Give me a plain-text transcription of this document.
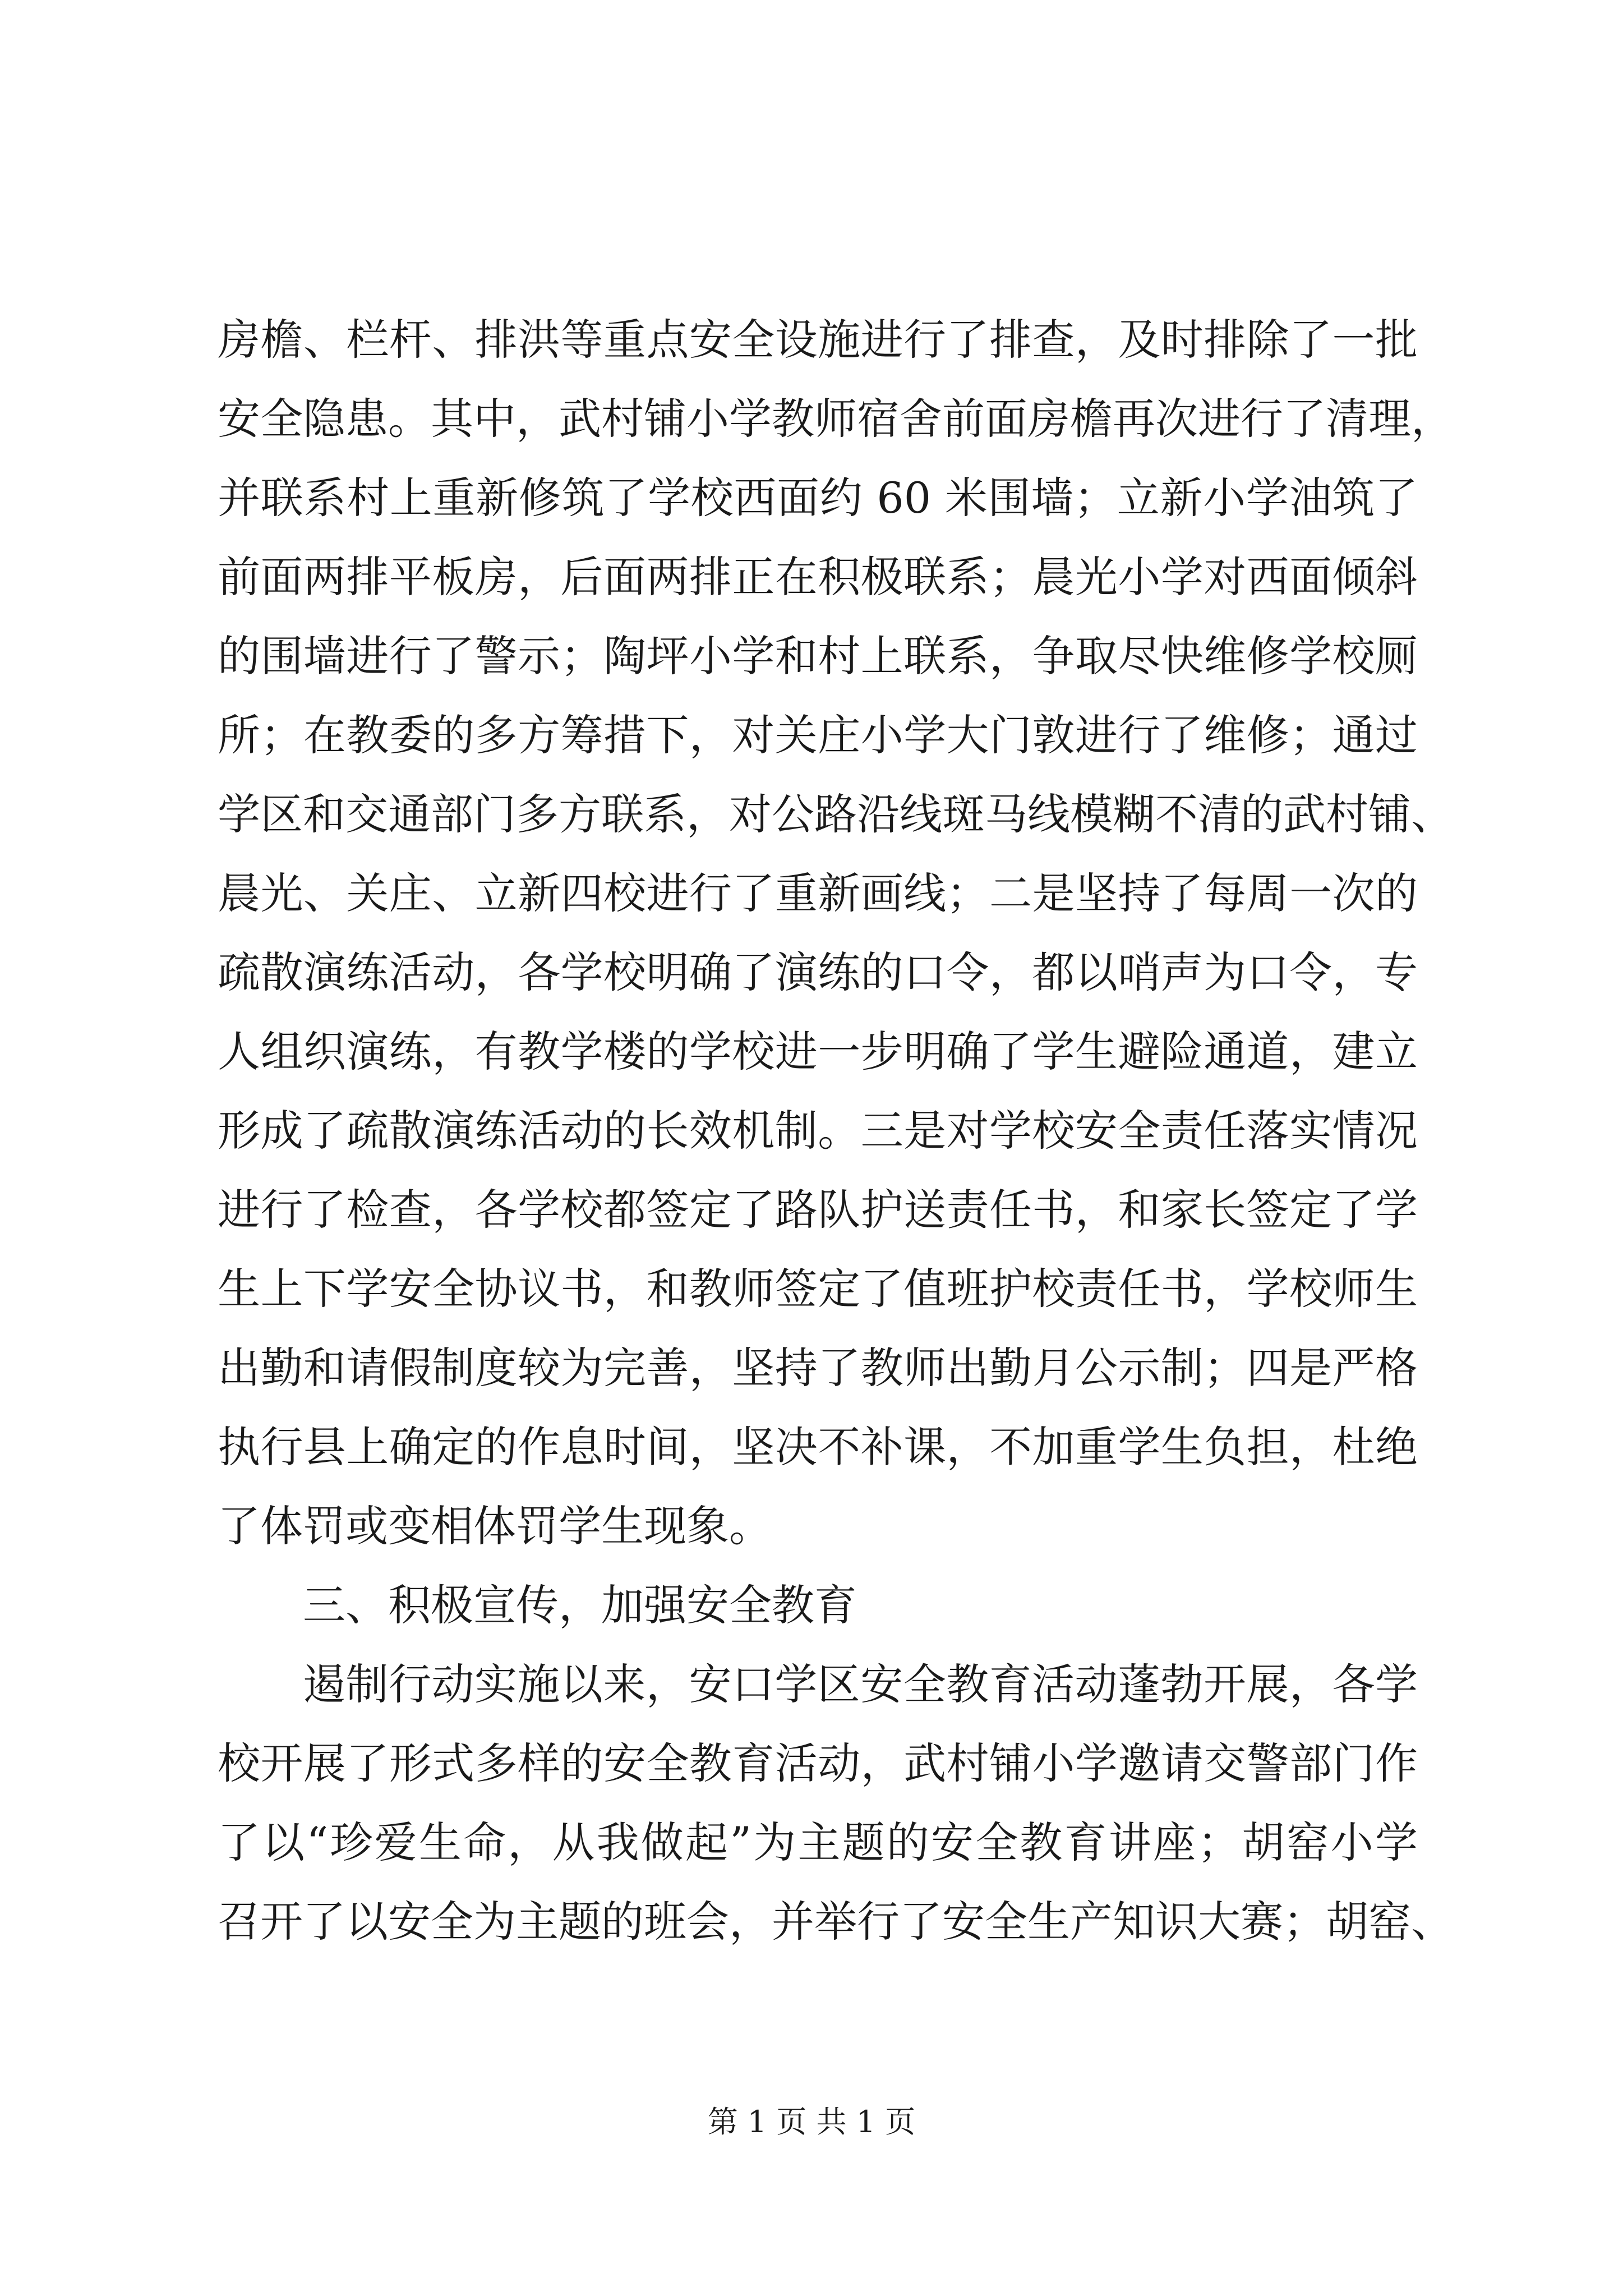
房檐、栏杆、排洪等重点安全设施进行了排查，及时排除了一批
安全隐患。其中，武村铺小学教师宿舍前面房檐再次进行了清理，
并联系村上重新修筑了学校西面约 60 米围墙；立新小学油筑了
前面两排平板房，后面两排正在积极联系；晨光小学对西面倾斜
的围墙进行了警示；陶坪小学和村上联系，争取尽快维修学校厕
所；在教委的多方筹措下，对关庄小学大门敦进行了维修；通过
学区和交通部门多方联系，对公路沿线斑马线模糊不清的武村铺、
晨光、关庄、立新四校进行了重新画线；二是坚持了每周一次的
疏散演练活动，各学校明确了演练的口令，都以哨声为口令，专
人组织演练，有教学楼的学校进一步明确了学生避险通道，建立
形成了疏散演练活动的长效机制。三是对学校安全责任落实情况
进行了检查，各学校都签定了路队护送责任书，和家长签定了学
生上下学安全协议书，和教师签定了值班护校责任书，学校师生
出勤和请假制度较为完善，坚持了教师出勤月公示制；四是严格
执行县上确定的作息时间，坚决不补课，不加重学生负担，杜绝
了体罚或变相体罚学生现象。
三、积极宣传，加强安全教育
遏制行动实施以来，安口学区安全教育活动蓬勃开展，各学
校开展了形式多样的安全教育活动，武村铺小学邀请交警部门作
了以“珍爱生命，从我做起”为主题的安全教育讲座；胡窑小学
召开了以安全为主题的班会，并举行了安全生产知识大赛；胡窑、
第 1 页 共 1 页
